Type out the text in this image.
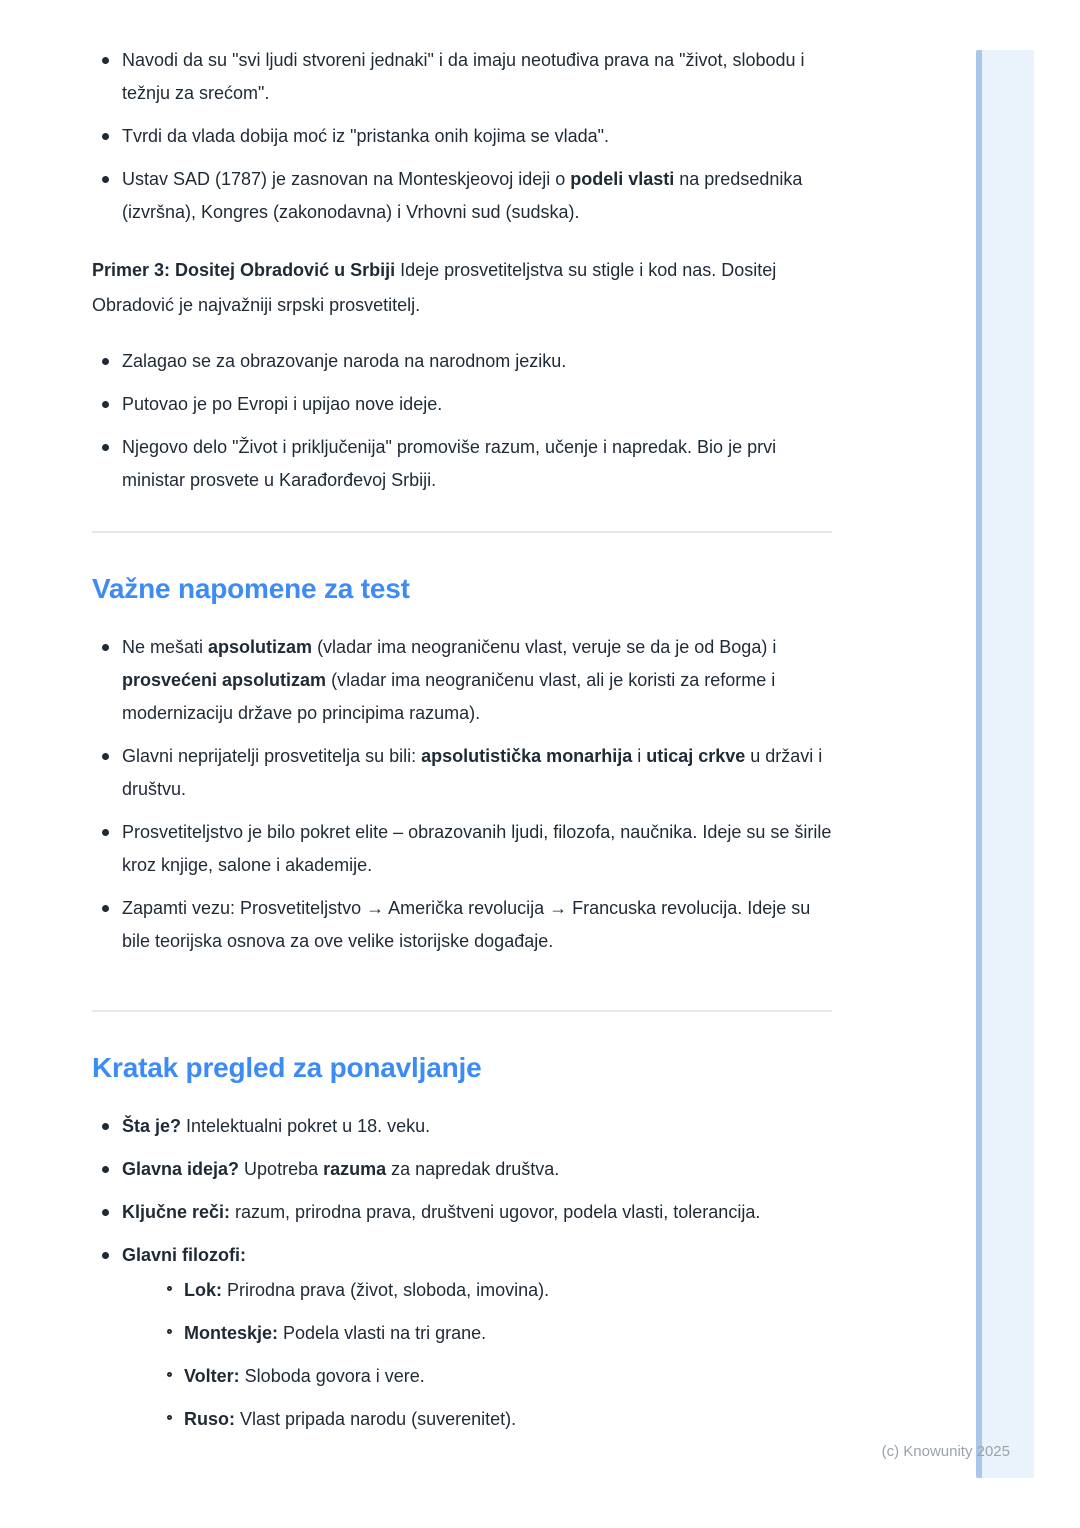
Navodi da su "svi ljudi stvoreni jednaki" i da imaju neotuđiva prava na "život, slobodu i težnju za srećom".
Tvrdi da vlada dobija moć iz "pristanka onih kojima se vlada".
Ustav SAD (1787) je zasnovan na Monteskjeovoj ideji o podeli vlasti na predsednika (izvršna), Kongres (zakonodavna) i Vrhovni sud (sudska).

Primer 3: Dositej Obradović u Srbiji Ideje prosvetiteljstva su stigle i kod nas. Dositej Obradović je najvažniji srpski prosvetitelj.

Zalagao se za obrazovanje naroda na narodnom jeziku.
Putovao je po Evropi i upijao nove ideje.
Njegovo delo "Život i priključenija" promoviše razum, učenje i napredak. Bio je prvi ministar prosvete u Karađorđevoj Srbiji.
Važne napomene za test
Ne mešati apsolutizam (vladar ima neograničenu vlast, veruje se da je od Boga) i prosvećeni apsolutizam (vladar ima neograničenu vlast, ali je koristi za reforme i modernizaciju države po principima razuma).
Glavni neprijatelji prosvetitelja su bili: apsolutistička monarhija i uticaj crkve u državi i društvu.
Prosvetiteljstvo je bilo pokret elite – obrazovanih ljudi, filozofa, naučnika. Ideje su se širile kroz knjige, salone i akademije.
Zapamti vezu: Prosvetiteljstvo → Američka revolucija → Francuska revolucija. Ideje su bile teorijska osnova za ove velike istorijske događaje.
Kratak pregled za ponavljanje
Šta je? Intelektualni pokret u 18. veku.
Glavna ideja? Upotreba razuma za napredak društva.
Ključne reči: razum, prirodna prava, društveni ugovor, podela vlasti, tolerancija.
Glavni filozofi:
Lok: Prirodna prava (život, sloboda, imovina).
Monteskje: Podela vlasti na tri grane.
Volter: Sloboda govora i vere.
Ruso: Vlast pripada narodu (suverenitet).
(c) Knowunity 2025
